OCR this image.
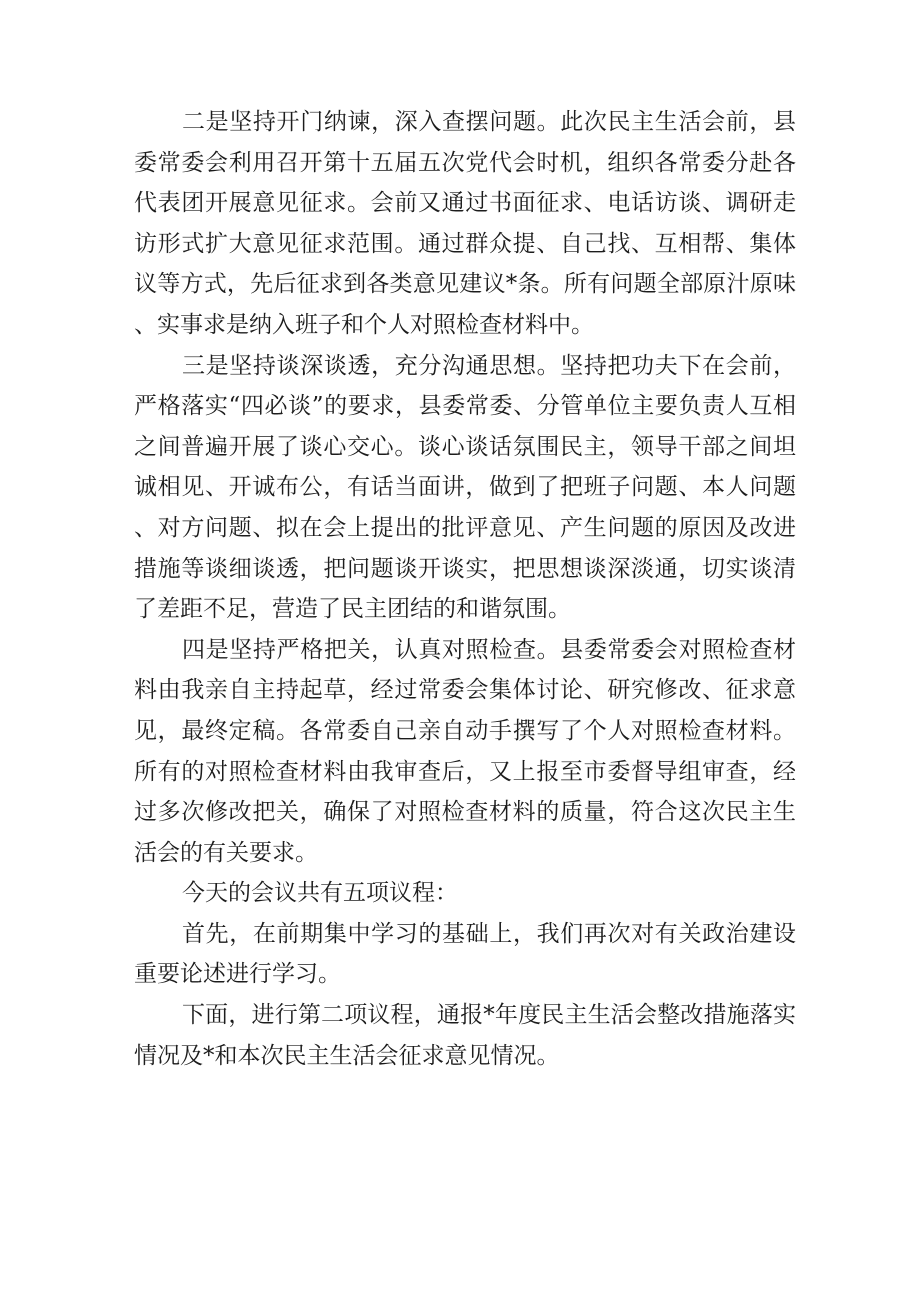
二是坚持开门纳谏，深入查摆问题。此次民主生活会前，县委常委会利用召开第十五届五次党代会时机，组织各常委分赴各代表团开展意见征求。会前又通过书面征求、电话访谈、调研走访形式扩大意见征求范围。通过群众提、自己找、互相帮、集体议等方式，先后征求到各类意见建议*条。所有问题全部原汁原味、实事求是纳入班子和个人对照检查材料中。

三是坚持谈深谈透，充分沟通思想。坚持把功夫下在会前，严格落实“四必谈”的要求，县委常委、分管单位主要负责人互相之间普遍开展了谈心交心。谈心谈话氛围民主，领导干部之间坦诚相见、开诚布公，有话当面讲，做到了把班子问题、本人问题、对方问题、拟在会上提出的批评意见、产生问题的原因及改进措施等谈细谈透，把问题谈开谈实，把思想谈深淡通，切实谈清了差距不足，营造了民主团结的和谐氛围。

四是坚持严格把关，认真对照检查。县委常委会对照检查材料由我亲自主持起草，经过常委会集体讨论、研究修改、征求意见，最终定稿。各常委自己亲自动手撰写了个人对照检查材料。所有的对照检查材料由我审查后，又上报至市委督导组审查，经过多次修改把关，确保了对照检查材料的质量，符合这次民主生活会的有关要求。

今天的会议共有五项议程：

首先，在前期集中学习的基础上，我们再次对有关政治建设重要论述进行学习。

下面，进行第二项议程，通报*年度民主生活会整改措施落实情况及*和本次民主生活会征求意见情况。
